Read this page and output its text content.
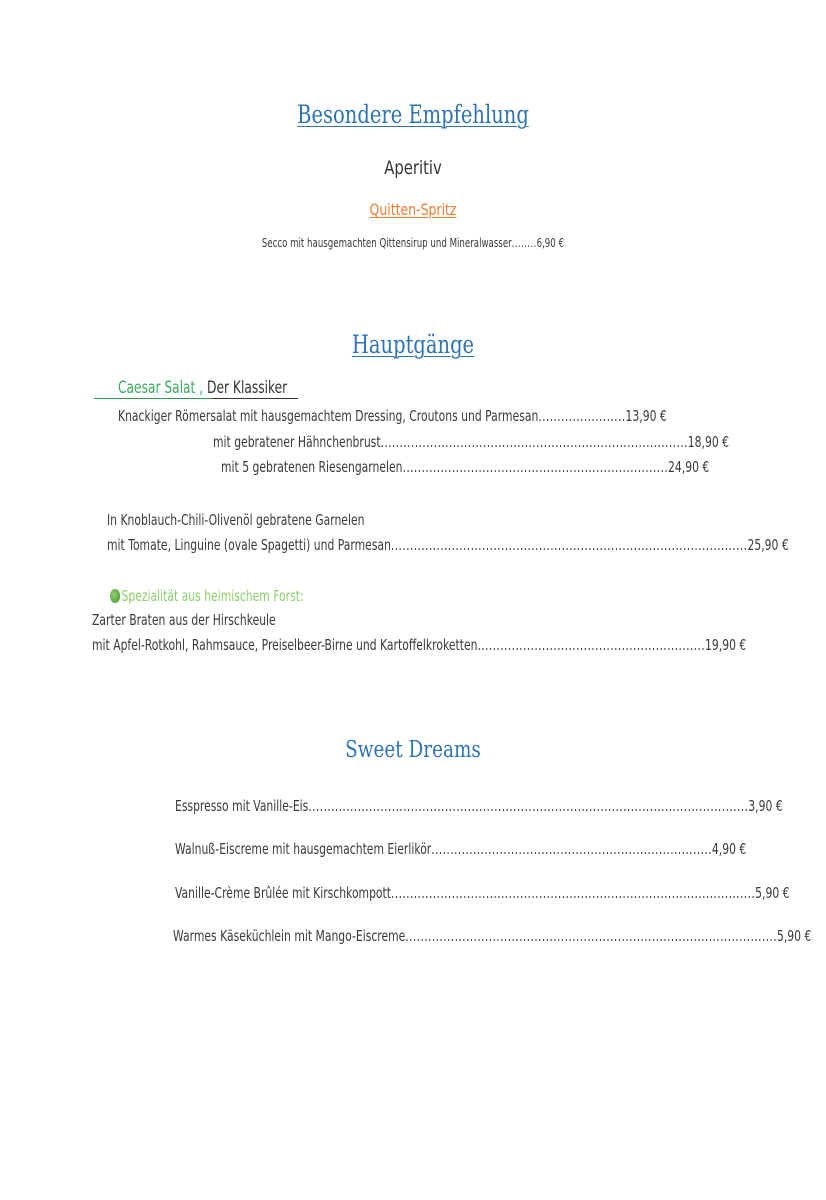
Besondere Empfehlung
Aperitiv
Quitten-Spritz
Secco mit hausgemachten Qittensirup und Mineralwasser........6,90 €
Hauptgänge
Caesar Salat , Der Klassiker
Knackiger Römersalat mit hausgemachtem Dressing, Croutons und Parmesan.......................13,90 €
mit gebratener Hähnchenbrust.................................................................................18,90 €
mit 5 gebratenen Riesengarnelen......................................................................24,90 €
In Knoblauch-Chili-Olivenöl gebratene Garnelen
mit Tomate, Linguine (ovale Spagetti) und Parmesan..............................................................................................25,90 €
Spezialität aus heimischem Forst:
Zarter Braten aus der Hirschkeule
mit Apfel-Rotkohl, Rahmsauce, Preiselbeer-Birne und Kartoffelkroketten............................................................19,90 €
Sweet Dreams
Esspresso mit Vanille-Eis....................................................................................................................3,90 €
Walnuß-Eiscreme mit hausgemachtem Eierlikör..........................................................................4,90 €
Vanille-Crème Brûlée mit Kirschkompott................................................................................................5,90 €
Warmes Käseküchlein mit Mango-Eiscreme..................................................................................................5,90 €
